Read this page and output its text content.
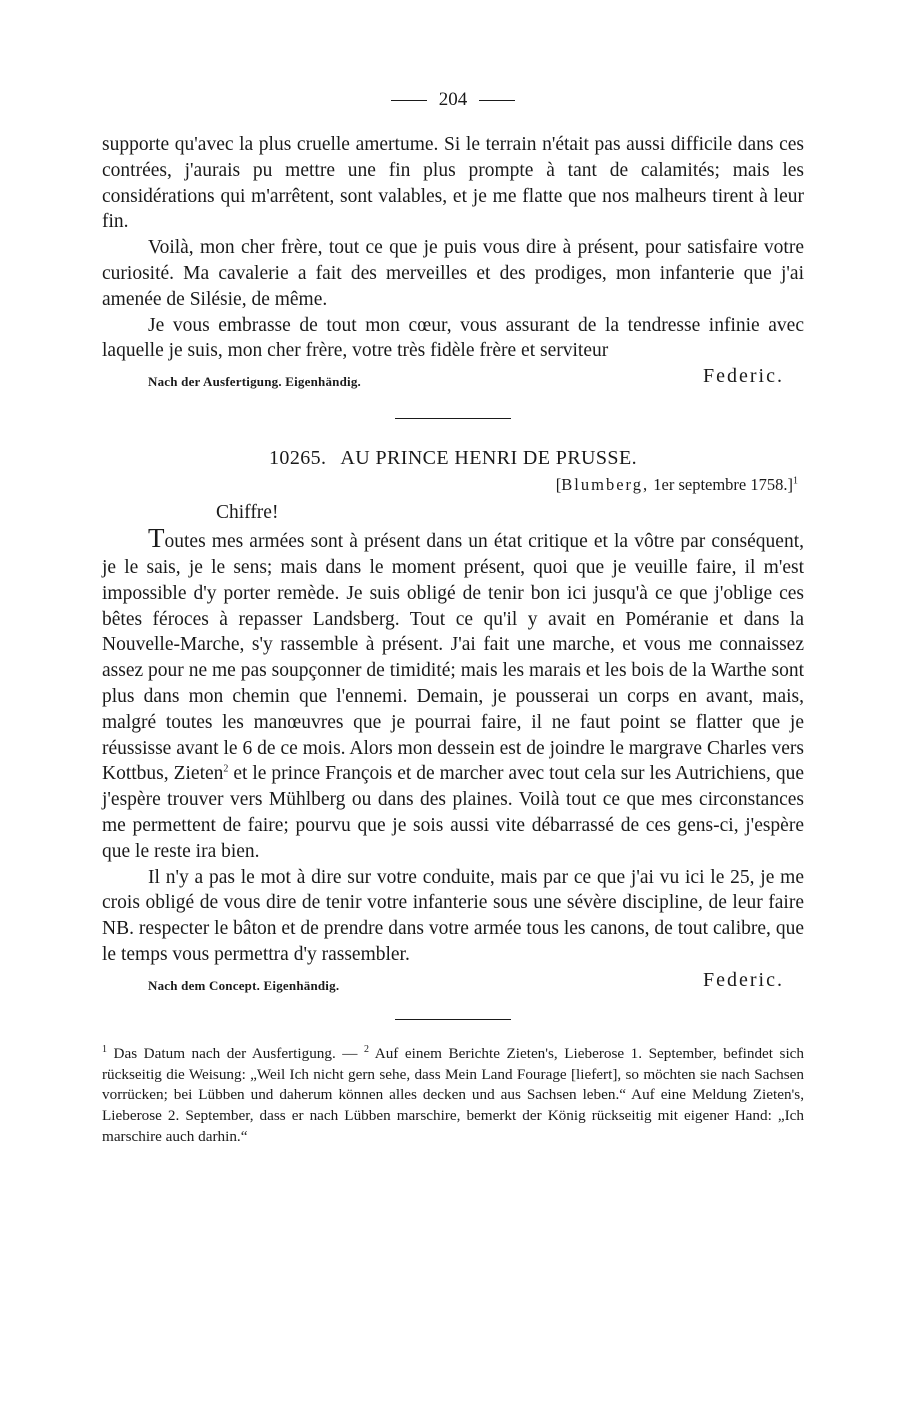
204

supporte qu'avec la plus cruelle amertume. Si le terrain n'était pas aussi difficile dans ces contrées, j'aurais pu mettre une fin plus prompte à tant de calamités; mais les considérations qui m'arrêtent, sont valables, et je me flatte que nos malheurs tirent à leur fin.

Voilà, mon cher frère, tout ce que je puis vous dire à présent, pour satisfaire votre curiosité. Ma cavalerie a fait des merveilles et des prodiges, mon infanterie que j'ai amenée de Silésie, de même.

Je vous embrasse de tout mon cœur, vous assurant de la tendresse infinie avec laquelle je suis, mon cher frère, votre très fidèle frère et serviteur

Nach der Ausfertigung. Eigenhändig.	Federic.
10265. AU PRINCE HENRI DE PRUSSE.
[Blumberg, 1er septembre 1758.]$^1$
Chiffre!

Toutes mes armées sont à présent dans un état critique et la vôtre par conséquent, je le sais, je le sens; mais dans le moment présent, quoi que je veuille faire, il m'est impossible d'y porter remède. Je suis obligé de tenir bon ici jusqu'à ce que j'oblige ces bêtes féroces à repasser Landsberg. Tout ce qu'il y avait en Poméranie et dans la Nouvelle-Marche, s'y rassemble à présent. J'ai fait une marche, et vous me connaissez assez pour ne me pas soupçonner de timidité; mais les marais et les bois de la Warthe sont plus dans mon chemin que l'ennemi. Demain, je pousserai un corps en avant, mais, malgré toutes les manœuvres que je pourrai faire, il ne faut point se flatter que je réussisse avant le 6 de ce mois. Alors mon dessein est de joindre le margrave Charles vers Kottbus, Zieten$^2$ et le prince François et de marcher avec tout cela sur les Autrichiens, que j'espère trouver vers Mühlberg ou dans des plaines. Voilà tout ce que mes circonstances me permettent de faire; pourvu que je sois aussi vite débarrassé de ces gens-ci, j'espère que le reste ira bien.

Il n'y a pas le mot à dire sur votre conduite, mais par ce que j'ai vu ici le 25, je me crois obligé de vous dire de tenir votre infanterie sous une sévère discipline, de leur faire NB. respecter le bâton et de prendre dans votre armée tous les canons, de tout calibre, que le temps vous permettra d'y rassembler.

Nach dem Concept. Eigenhändig.	Federic.
$^1$ Das Datum nach der Ausfertigung. — $^2$ Auf einem Berichte Zieten's, Lieberose 1. September, befindet sich rückseitig die Weisung: „Weil Ich nicht gern sehe, dass Mein Land Fourage [liefert], so möchten sie nach Sachsen vorrücken; bei Lübben und daherum können alles decken und aus Sachsen leben.“ Auf eine Meldung Zieten's, Lieberose 2. September, dass er nach Lübben marschire, bemerkt der König rückseitig mit eigener Hand: „Ich marschire auch darhin.“
